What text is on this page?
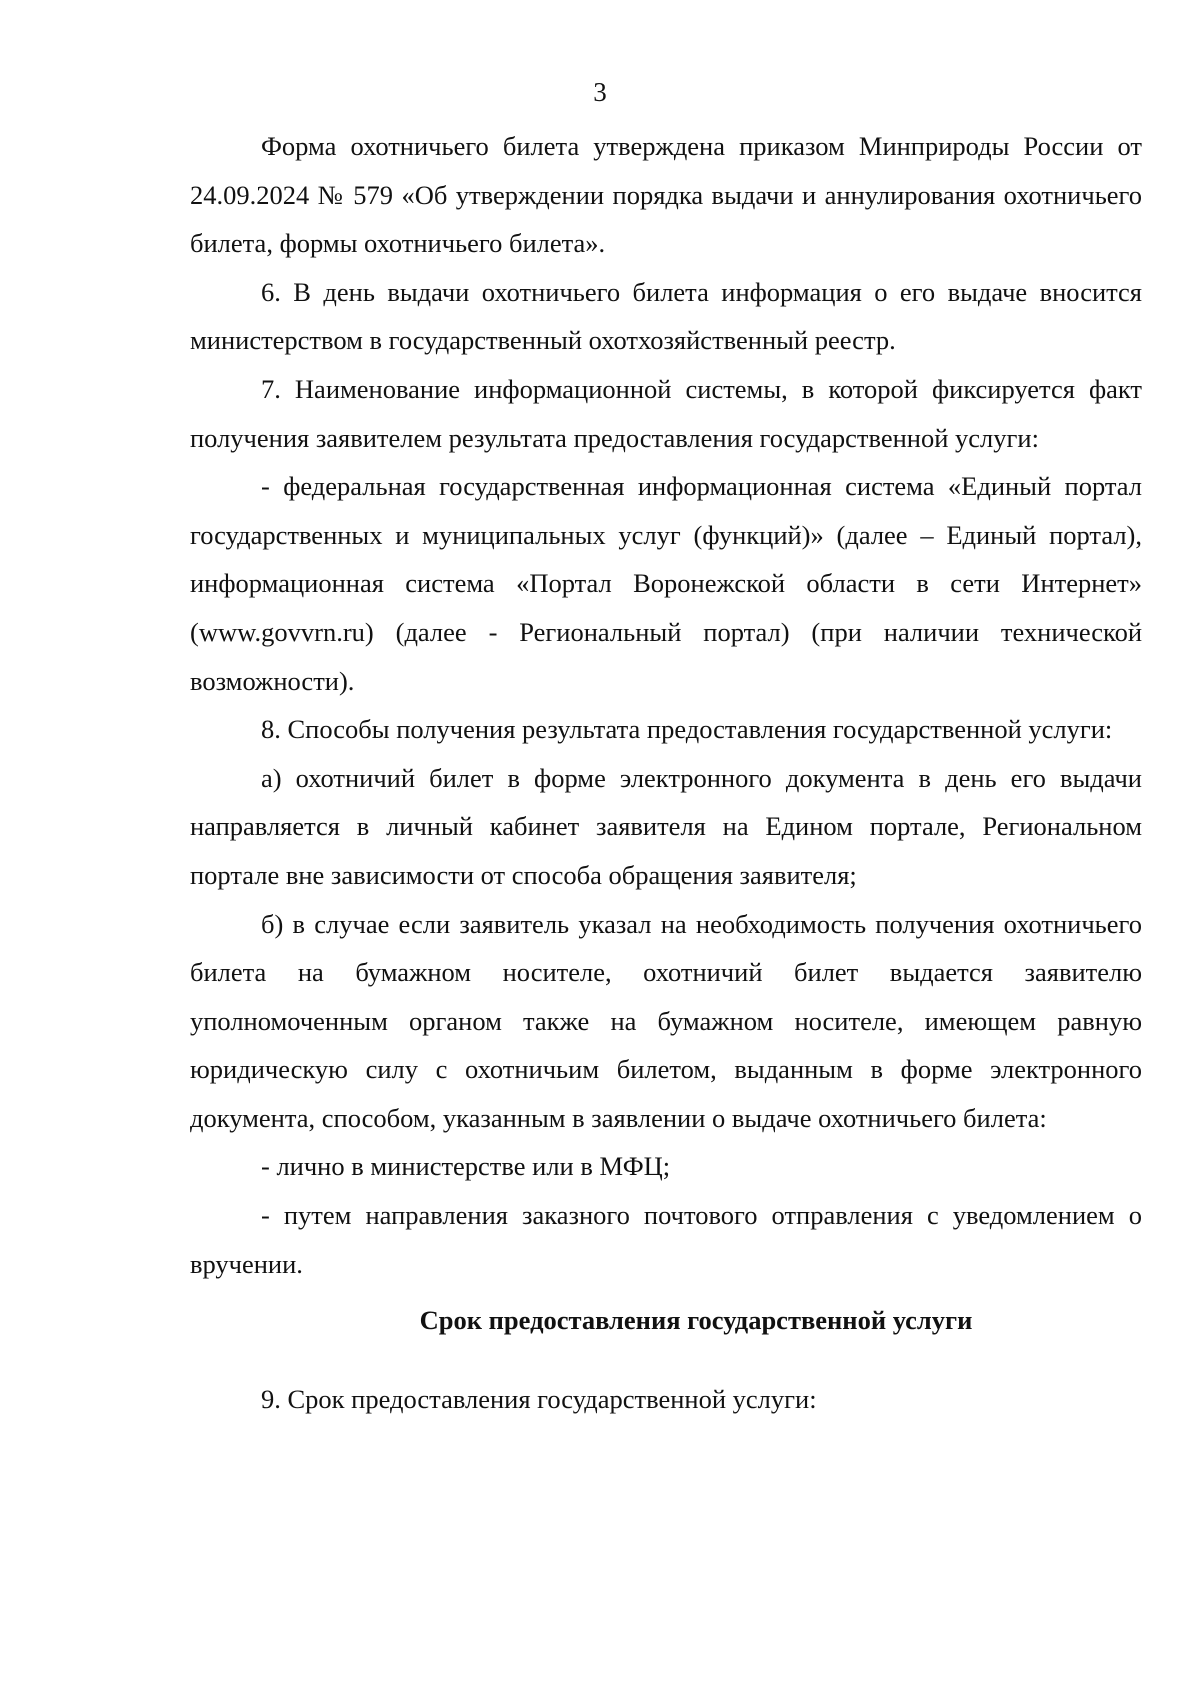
3

Форма охотничьего билета утверждена приказом Минприроды России от 24.09.2024 № 579 «Об утверждении порядка выдачи и аннулирования охотничьего билета, формы охотничьего билета».

6. В день выдачи охотничьего билета информация о его выдаче вносится министерством в государственный охотхозяйственный реестр.

7. Наименование информационной системы, в которой фиксируется факт получения заявителем результата предоставления государственной услуги:

- федеральная государственная информационная система «Единый портал государственных и муниципальных услуг (функций)» (далее – Единый портал), информационная система «Портал Воронежской области в сети Интернет» (www.govvrn.ru) (далее - Региональный портал) (при наличии технической возможности).

8. Способы получения результата предоставления государственной услуги:

а) охотничий билет в форме электронного документа в день его выдачи направляется в личный кабинет заявителя на Едином портале, Региональном портале вне зависимости от способа обращения заявителя;

б) в случае если заявитель указал на необходимость получения охотничьего билета на бумажном носителе, охотничий билет выдается заявителю уполномоченным органом также на бумажном носителе, имеющем равную юридическую силу с охотничьим билетом, выданным в форме электронного документа, способом, указанным в заявлении о выдаче охотничьего билета:

- лично в министерстве или в МФЦ;

- путем направления заказного почтового отправления с уведомлением о вручении.

Срок предоставления государственной услуги

9. Срок предоставления государственной услуги:
